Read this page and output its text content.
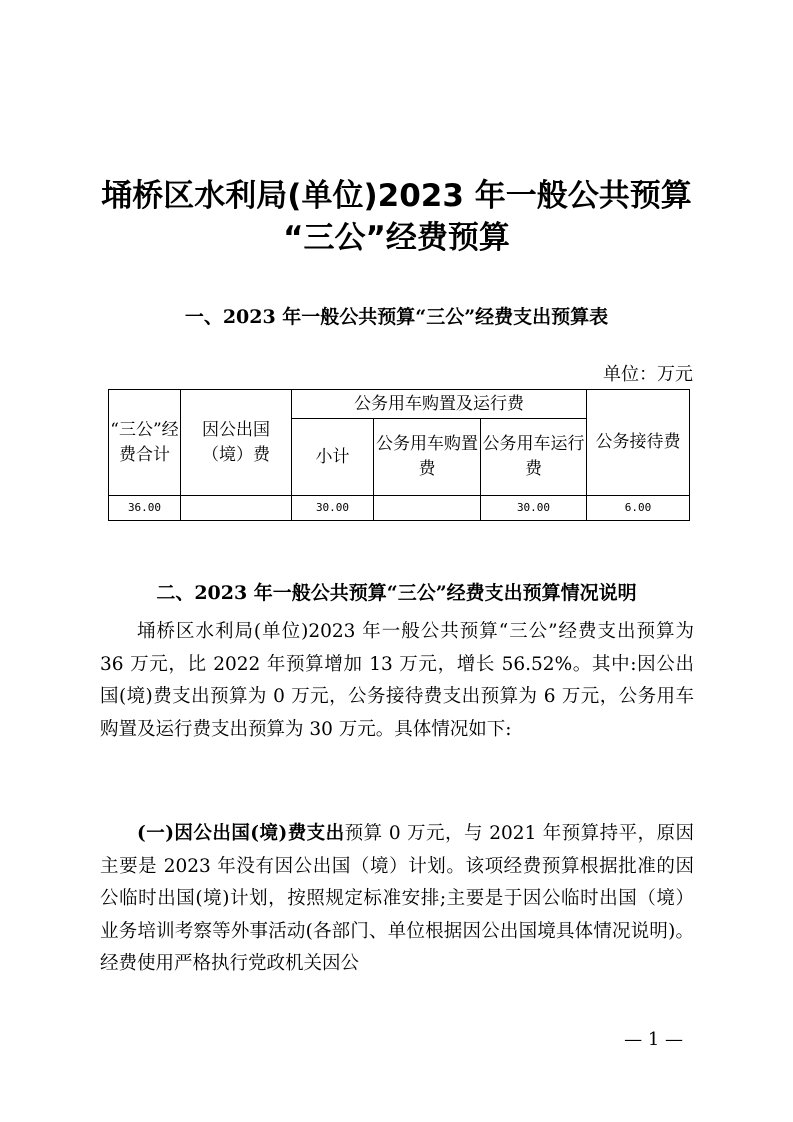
埇桥区水利局(单位)2023 年一般公共预算
“三公”经费预算
一、2023 年一般公共预算“三公”经费支出预算表
单位：万元
“三公”经费合计	因公出国（境）费	公务用车购置及运行费			公务接待费
		小计	公务用车购置费	公务用车运行费	
36.00		30.00		30.00	6.00
二、2023 年一般公共预算“三公”经费支出预算情况说明

埇桥区水利局(单位)2023 年一般公共预算“三公”经费支出预算为 36 万元，比 2022 年预算增加 13 万元，增长 56.52%。其中:因公出国(境)费支出预算为 0 万元，公务接待费支出预算为 6 万元，公务用车购置及运行费支出预算为 30 万元。具体情况如下:

(一)因公出国(境)费支出预算 0 万元，与 2021 年预算持平，原因主要是 2023 年没有因公出国（境）计划。该项经费预算根据批准的因公临时出国(境)计划，按照规定标准安排;主要是于因公临时出国（境）业务培训考察等外事活动(各部门、单位根据因公出国境具体情况说明)。经费使用严格执行党政机关因公

— 1 —
